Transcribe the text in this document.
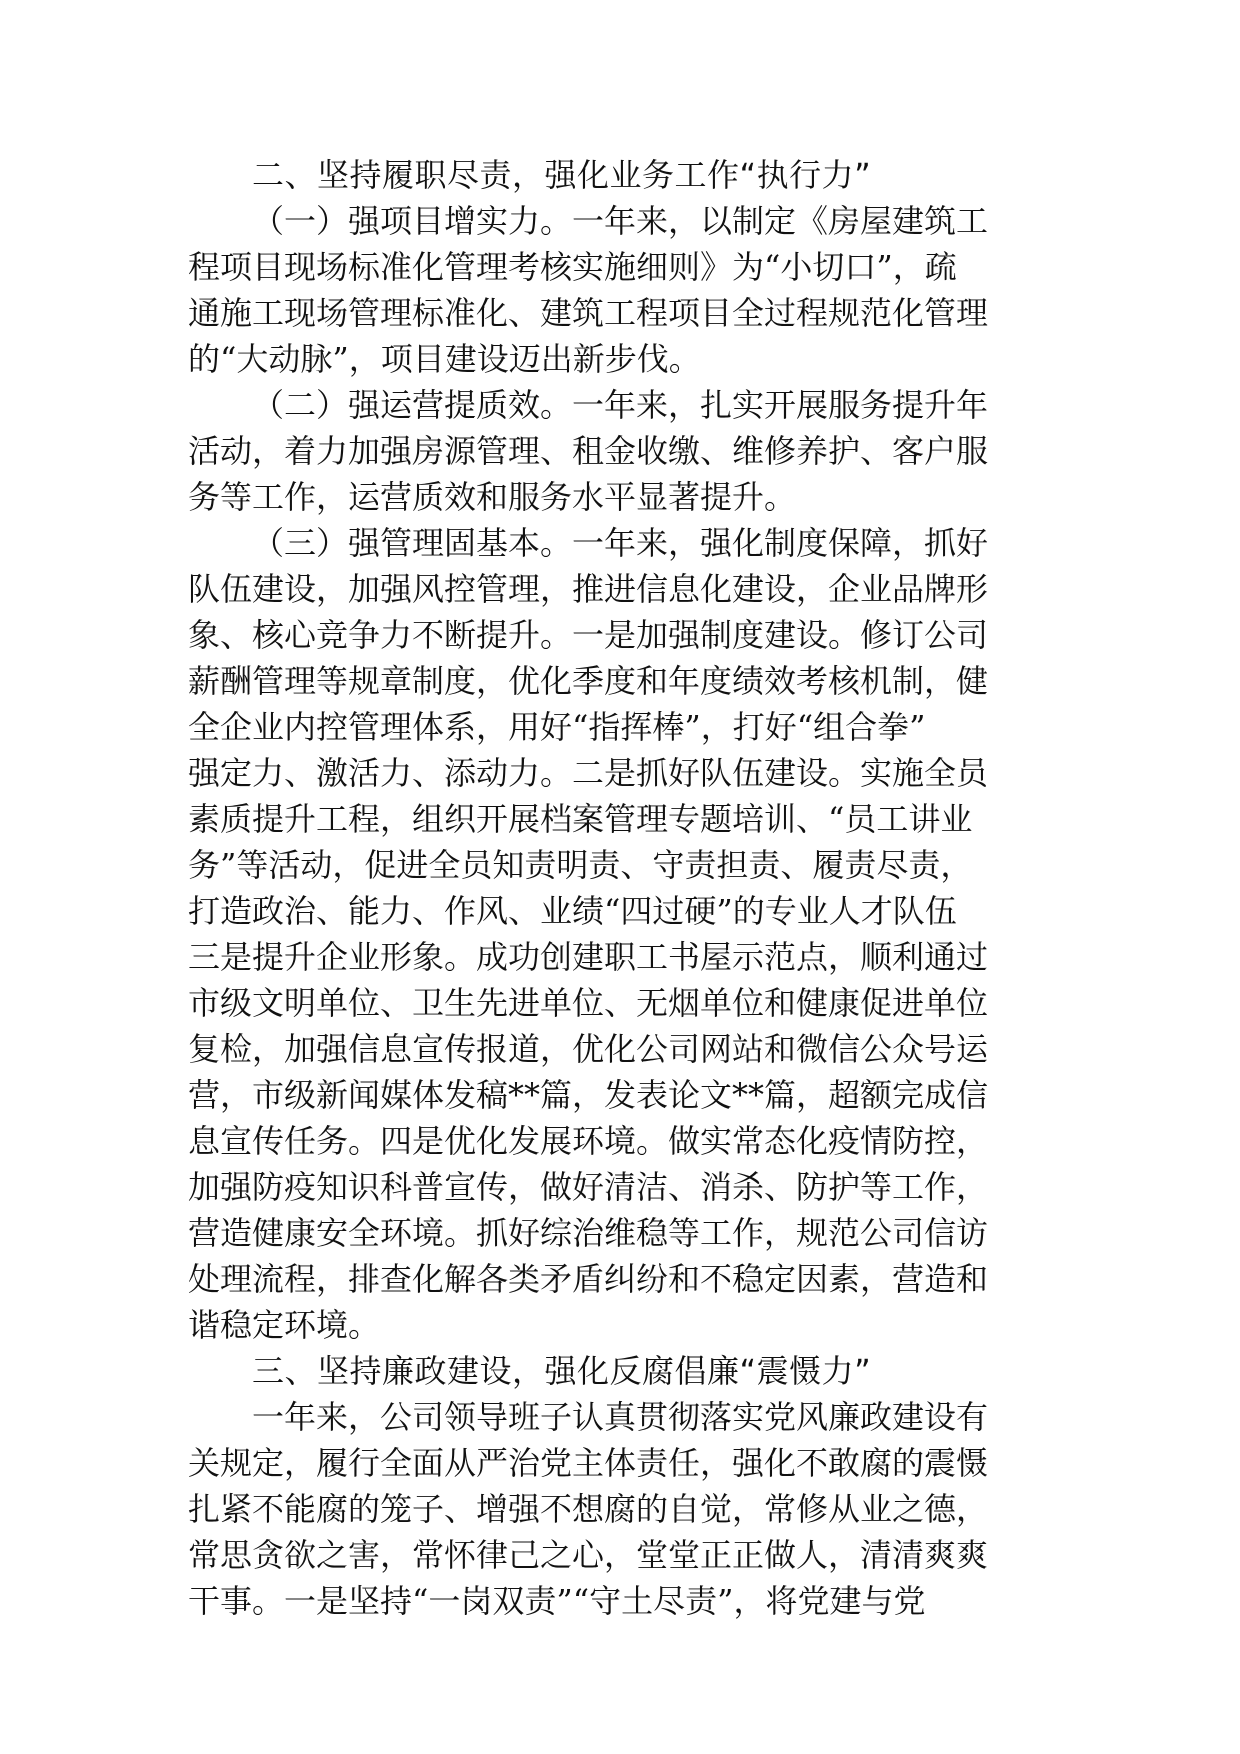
二、坚持履职尽责，强化业务工作“执行力”
（一）强项目增实力。一年来，以制定《房屋建筑工
程项目现场标准化管理考核实施细则》为“小切口”，疏
通施工现场管理标准化、建筑工程项目全过程规范化管理
的“大动脉”，项目建设迈出新步伐。
（二）强运营提质效。一年来，扎实开展服务提升年
活动，着力加强房源管理、租金收缴、维修养护、客户服
务等工作，运营质效和服务水平显著提升。
（三）强管理固基本。一年来，强化制度保障，抓好
队伍建设，加强风控管理，推进信息化建设，企业品牌形
象、核心竞争力不断提升。一是加强制度建设。修订公司
薪酬管理等规章制度，优化季度和年度绩效考核机制，健
全企业内控管理体系，用好“指挥棒”，打好“组合拳”
强定力、激活力、添动力。二是抓好队伍建设。实施全员
素质提升工程，组织开展档案管理专题培训、“员工讲业
务”等活动，促进全员知责明责、守责担责、履责尽责，
打造政治、能力、作风、业绩“四过硬”的专业人才队伍
三是提升企业形象。成功创建职工书屋示范点，顺利通过
市级文明单位、卫生先进单位、无烟单位和健康促进单位
复检，加强信息宣传报道，优化公司网站和微信公众号运
营，市级新闻媒体发稿**篇，发表论文**篇，超额完成信
息宣传任务。四是优化发展环境。做实常态化疫情防控，
加强防疫知识科普宣传，做好清洁、消杀、防护等工作，
营造健康安全环境。抓好综治维稳等工作，规范公司信访
处理流程，排查化解各类矛盾纠纷和不稳定因素，营造和
谐稳定环境。
三、坚持廉政建设，强化反腐倡廉“震慑力”
一年来，公司领导班子认真贯彻落实党风廉政建设有
关规定，履行全面从严治党主体责任，强化不敢腐的震慑
扎紧不能腐的笼子、增强不想腐的自觉，常修从业之德，
常思贪欲之害，常怀律己之心，堂堂正正做人，清清爽爽
干事。一是坚持“一岗双责”“守土尽责”，将党建与党
